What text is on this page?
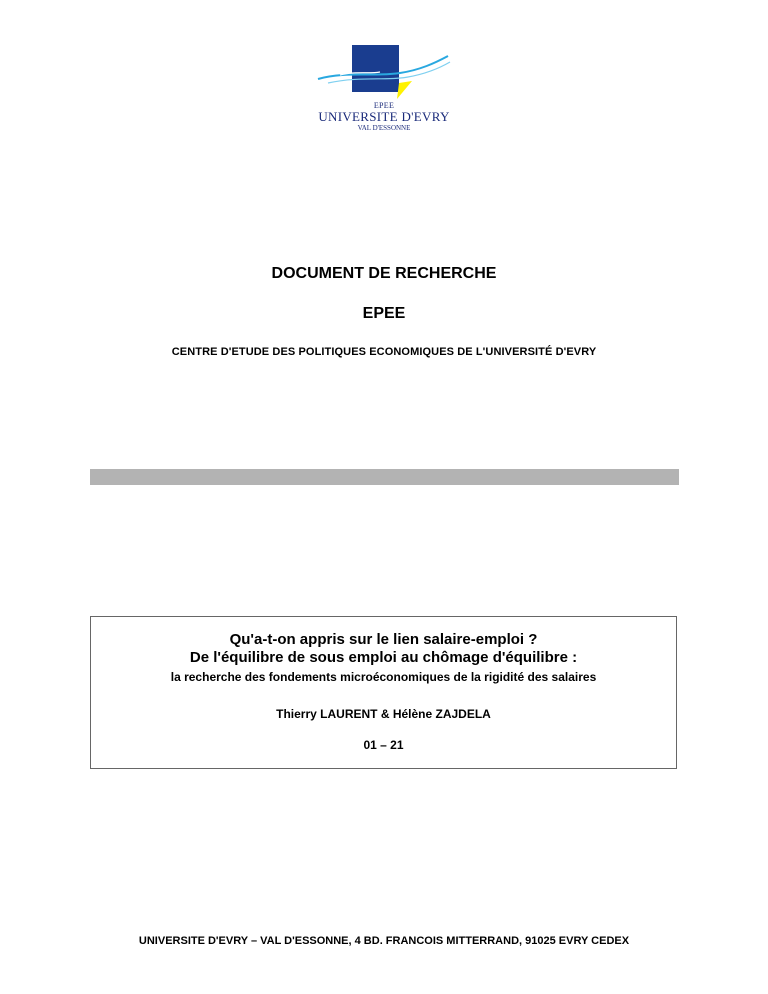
EPEE
UNIVERSITE D'EVRY
VAL D'ESSONNE
DOCUMENT DE RECHERCHE
EPEE
CENTRE D'ETUDE DES POLITIQUES ECONOMIQUES DE L'UNIVERSITÉ D'EVRY
Qu'a-t-on appris sur le lien salaire-emploi ?
De l'équilibre de sous emploi au chômage d'équilibre :
la recherche des fondements microéconomiques de la rigidité des salaires
Thierry LAURENT & Hélène ZAJDELA
01 – 21
UNIVERSITE D'EVRY – VAL D'ESSONNE, 4 BD. FRANCOIS MITTERRAND, 91025 EVRY CEDEX
